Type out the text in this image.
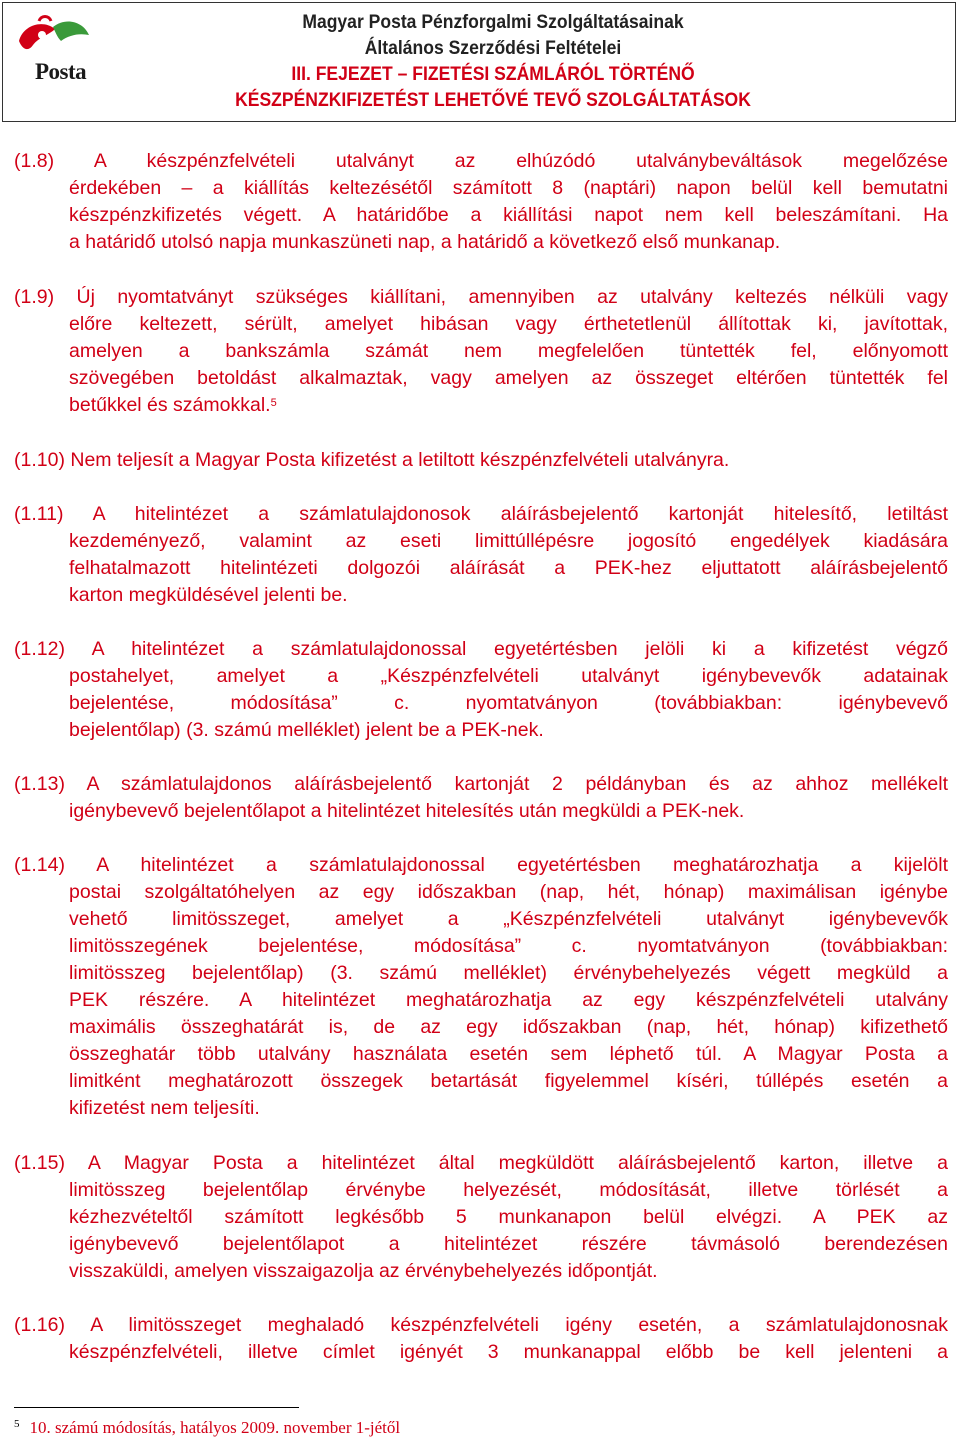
Posta
Magyar Posta Pénzforgalmi Szolgáltatásainak
Általános Szerződési Feltételei
III. FEJEZET – FIZETÉSI SZÁMLÁRÓL TÖRTÉNŐ
KÉSZPÉNZKIFIZETÉST LEHETŐVÉ TEVŐ SZOLGÁLTATÁSOK
(1.8) A készpénzfelvételi utalványt az elhúzódó utalványbeváltások megelőzése
érdekében – a kiállítás keltezésétől számított 8 (naptári) napon belül kell bemutatni
készpénzkifizetés végett. A határidőbe a kiállítási napot nem kell beleszámítani. Ha
a határidő utolsó napja munkaszüneti nap, a határidő a következő első munkanap.
(1.9) Új nyomtatványt szükséges kiállítani, amennyiben az utalvány keltezés nélküli vagy
előre keltezett, sérült, amelyet hibásan vagy érthetetlenül állítottak ki, javítottak,
amelyen a bankszámla számát nem megfelelően tüntették fel, előnyomott
szövegében betoldást alkalmaztak, vagy amelyen az összeget eltérően tüntették fel
betűkkel és számokkal.$^5$
(1.10) Nem teljesít a Magyar Posta kifizetést a letiltott készpénzfelvételi utalványra.
(1.11) A hitelintézet a számlatulajdonosok aláírásbejelentő kartonját hitelesítő, letiltást
kezdeményező, valamint az eseti limittúllépésre jogosító engedélyek kiadására
felhatalmazott hitelintézeti dolgozói aláírását a PEK-hez eljuttatott aláírásbejelentő
karton megküldésével jelenti be.
(1.12) A hitelintézet a számlatulajdonossal egyetértésben jelöli ki a kifizetést végző
postahelyet, amelyet a „Készpénzfelvételi utalványt igénybevevők adatainak
bejelentése, módosítása” c. nyomtatványon (továbbiakban: igénybevevő
bejelentőlap) (3. számú melléklet) jelent be a PEK-nek.
(1.13) A számlatulajdonos aláírásbejelentő kartonját 2 példányban és az ahhoz mellékelt
igénybevevő bejelentőlapot a hitelintézet hitelesítés után megküldi a PEK-nek.
(1.14) A hitelintézet a számlatulajdonossal egyetértésben meghatározhatja a kijelölt
postai szolgáltatóhelyen az egy időszakban (nap, hét, hónap) maximálisan igénybe
vehető limitösszeget, amelyet a „Készpénzfelvételi utalványt igénybevevők
limitösszegének bejelentése, módosítása” c. nyomtatványon (továbbiakban:
limitösszeg bejelentőlap) (3. számú melléklet) érvénybehelyezés végett megküld a
PEK részére. A hitelintézet meghatározhatja az egy készpénzfelvételi utalvány
maximális összeghatárát is, de az egy időszakban (nap, hét, hónap) kifizethető
összeghatár több utalvány használata esetén sem léphető túl. A Magyar Posta a
limitként meghatározott összegek betartását figyelemmel kíséri, túllépés esetén a
kifizetést nem teljesíti.
(1.15) A Magyar Posta a hitelintézet által megküldött aláírásbejelentő karton, illetve a
limitösszeg bejelentőlap érvénybe helyezését, módosítását, illetve törlését a
kézhezvételtől számított legkésőbb 5 munkanapon belül elvégzi. A PEK az
igénybevevő bejelentőlapot a hitelintézet részére távmásoló berendezésen
visszaküldi, amelyen visszaigazolja az érvénybehelyezés időpontját.
(1.16) A limitösszeget meghaladó készpénzfelvételi igény esetén, a számlatulajdonosnak
készpénzfelvételi, illetve címlet igényét 3 munkanappal előbb be kell jelenteni a
$^5$ 10. számú módosítás, hatályos 2009. november 1-jétől
